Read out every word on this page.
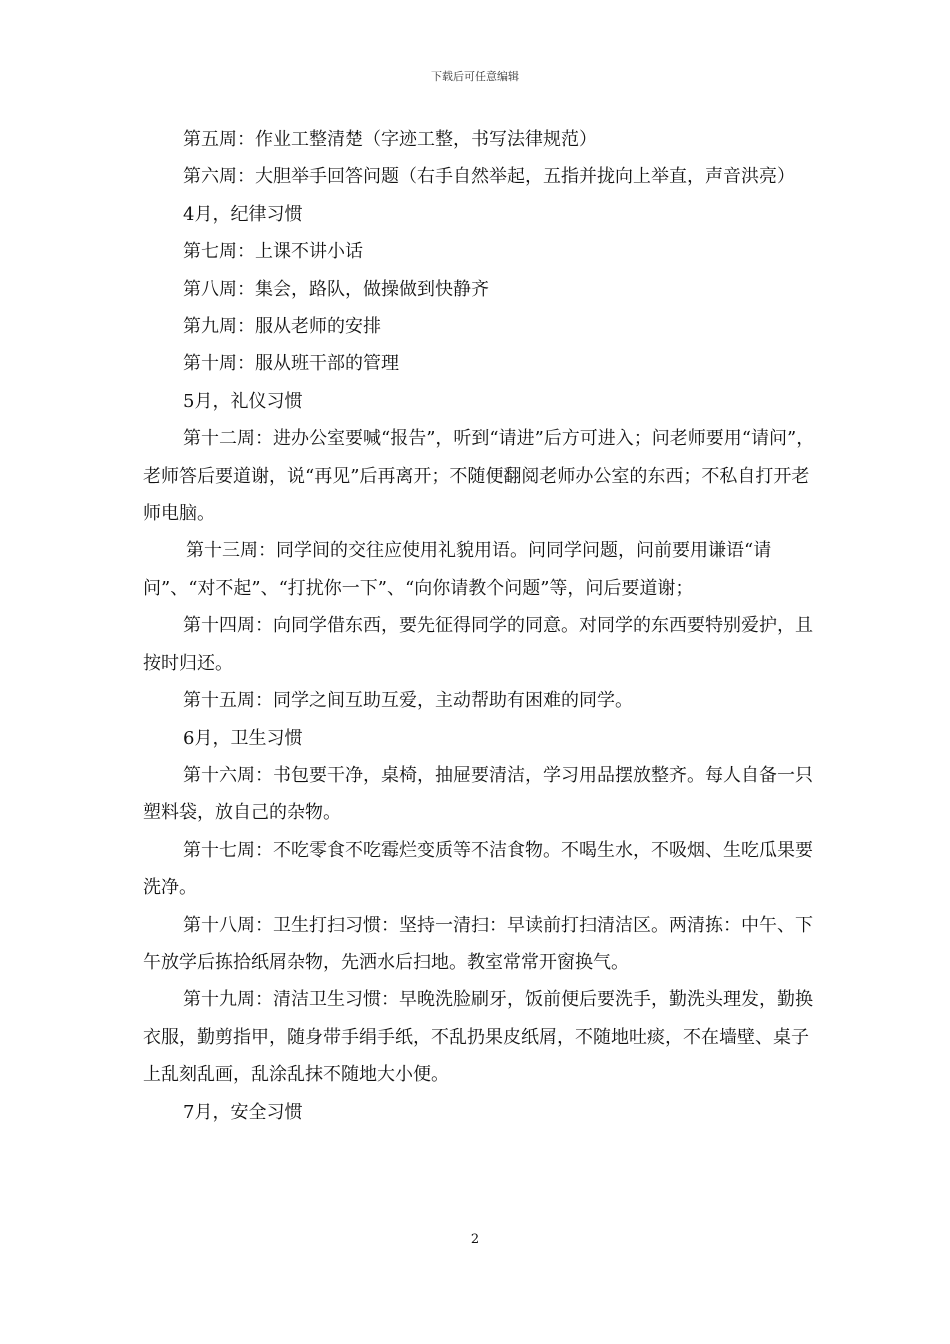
下载后可任意编辑

第五周：作业工整清楚（字迹工整，书写法律规范）

第六周：大胆举手回答问题（右手自然举起，五指并拢向上举直，声音洪亮）

4月，纪律习惯

第七周：上课不讲小话

第八周：集会，路队，做操做到快静齐

第九周：服从老师的安排

第十周：服从班干部的管理

5月，礼仪习惯

第十二周：进办公室要喊“报告”，听到“请进”后方可进入；问老师要用“请问”，老师答后要道谢，说“再见”后再离开；不随便翻阅老师办公室的东西；不私自打开老师电脑。

第十三周：同学间的交往应使用礼貌用语。问同学问题，问前要用谦语“请问”、“对不起”、“打扰你一下”、“向你请教个问题”等，问后要道谢；

第十四周：向同学借东西，要先征得同学的同意。对同学的东西要特别爱护，且按时归还。

第十五周：同学之间互助互爱，主动帮助有困难的同学。

6月，卫生习惯

第十六周：书包要干净，桌椅，抽屉要清洁，学习用品摆放整齐。每人自备一只塑料袋，放自己的杂物。

第十七周：不吃零食不吃霉烂变质等不洁食物。不喝生水，不吸烟、生吃瓜果要洗净。

第十八周：卫生打扫习惯：坚持一清扫：早读前打扫清洁区。两清拣：中午、下午放学后拣拾纸屑杂物，先洒水后扫地。教室常常开窗换气。

第十九周：清洁卫生习惯：早晚洗脸刷牙，饭前便后要洗手，勤洗头理发，勤换衣服，勤剪指甲，随身带手绢手纸，不乱扔果皮纸屑，不随地吐痰，不在墙壁、桌子上乱刻乱画，乱涂乱抹不随地大小便。

7月，安全习惯

2
